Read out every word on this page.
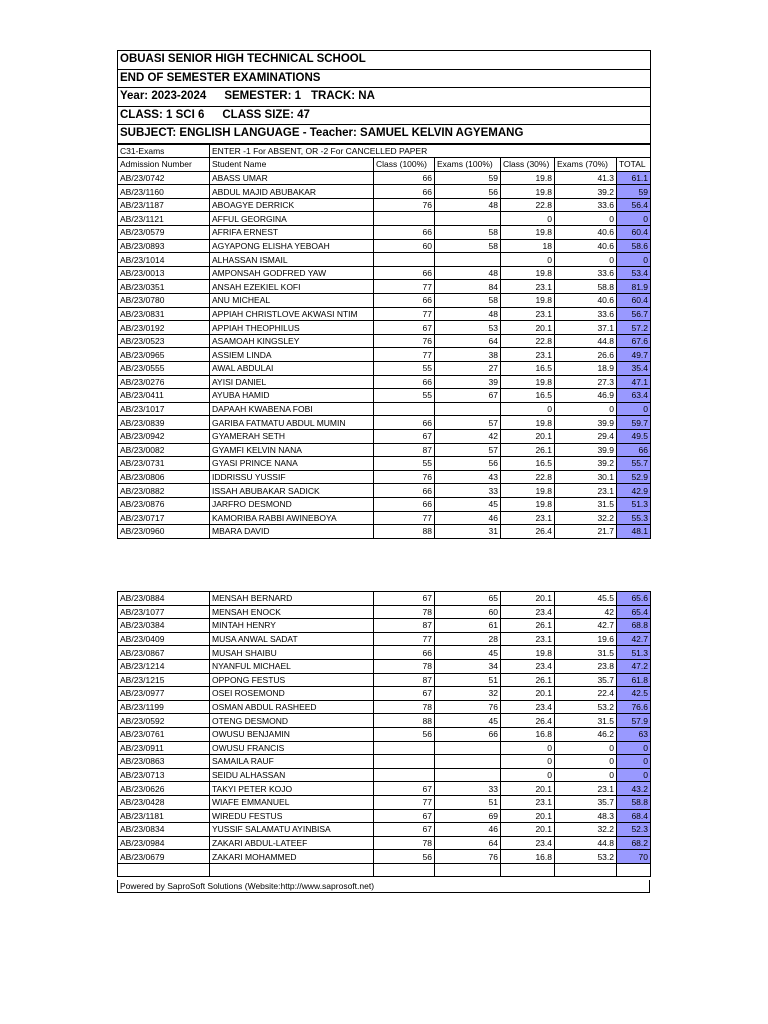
OBUASI SENIOR HIGH TECHNICAL SCHOOL
END OF SEMESTER EXAMINATIONS
Year: 2023-2024 SEMESTER: 1 TRACK: NA
CLASS: 1 SCI 6 CLASS SIZE: 47
SUBJECT: ENGLISH LANGUAGE - Teacher: SAMUEL KELVIN AGYEMANG
C31-Exams	ENTER -1 For ABSENT, OR -2 For CANCELLED PAPER					
Admission Number	Student Name	Class (100%)	Exams (100%)	Class (30%)	Exams (70%)	TOTAL
AB/23/0742	ABASS UMAR	66	59	19.8	41.3	61.1
AB/23/1160	ABDUL MAJID ABUBAKAR	66	56	19.8	39.2	59
AB/23/1187	ABOAGYE DERRICK	76	48	22.8	33.6	56.4
AB/23/1121	AFFUL GEORGINA			0	0	0
AB/23/0579	AFRIFA ERNEST	66	58	19.8	40.6	60.4
AB/23/0893	AGYAPONG ELISHA YEBOAH	60	58	18	40.6	58.6
AB/23/1014	ALHASSAN ISMAIL			0	0	0
AB/23/0013	AMPONSAH GODFRED YAW	66	48	19.8	33.6	53.4
AB/23/0351	ANSAH EZEKIEL KOFI	77	84	23.1	58.8	81.9
AB/23/0780	ANU MICHEAL	66	58	19.8	40.6	60.4
AB/23/0831	APPIAH CHRISTLOVE AKWASI NTIM	77	48	23.1	33.6	56.7
AB/23/0192	APPIAH THEOPHILUS	67	53	20.1	37.1	57.2
AB/23/0523	ASAMOAH KINGSLEY	76	64	22.8	44.8	67.6
AB/23/0965	ASSIEM LINDA	77	38	23.1	26.6	49.7
AB/23/0555	AWAL ABDULAI	55	27	16.5	18.9	35.4
AB/23/0276	AYISI DANIEL	66	39	19.8	27.3	47.1
AB/23/0411	AYUBA HAMID	55	67	16.5	46.9	63.4
AB/23/1017	DAPAAH KWABENA FOBI			0	0	0
AB/23/0839	GARIBA FATMATU ABDUL MUMIN	66	57	19.8	39.9	59.7
AB/23/0942	GYAMERAH SETH	67	42	20.1	29.4	49.5
AB/23/0082	GYAMFI KELVIN NANA	87	57	26.1	39.9	66
AB/23/0731	GYASI PRINCE NANA	55	56	16.5	39.2	55.7
AB/23/0806	IDDRISSU YUSSIF	76	43	22.8	30.1	52.9
AB/23/0882	ISSAH ABUBAKAR SADICK	66	33	19.8	23.1	42.9
AB/23/0876	JARFRO DESMOND	66	45	19.8	31.5	51.3
AB/23/0717	KAMORIBA RABBI AWINEBOYA	77	46	23.1	32.2	55.3
AB/23/0960	MBARA DAVID	88	31	26.4	21.7	48.1
AB/23/0884	MENSAH BERNARD	67	65	20.1	45.5	65.6
AB/23/1077	MENSAH ENOCK	78	60	23.4	42	65.4
AB/23/0384	MINTAH HENRY	87	61	26.1	42.7	68.8
AB/23/0409	MUSA ANWAL SADAT	77	28	23.1	19.6	42.7
AB/23/0867	MUSAH SHAIBU	66	45	19.8	31.5	51.3
AB/23/1214	NYANFUL MICHAEL	78	34	23.4	23.8	47.2
AB/23/1215	OPPONG FESTUS	87	51	26.1	35.7	61.8
AB/23/0977	OSEI ROSEMOND	67	32	20.1	22.4	42.5
AB/23/1199	OSMAN ABDUL RASHEED	78	76	23.4	53.2	76.6
AB/23/0592	OTENG DESMOND	88	45	26.4	31.5	57.9
AB/23/0761	OWUSU BENJAMIN	56	66	16.8	46.2	63
AB/23/0911	OWUSU FRANCIS			0	0	0
AB/23/0863	SAMAILA RAUF			0	0	0
AB/23/0713	SEIDU ALHASSAN			0	0	0
AB/23/0626	TAKYI PETER KOJO	67	33	20.1	23.1	43.2
AB/23/0428	WIAFE EMMANUEL	77	51	23.1	35.7	58.8
AB/23/1181	WIREDU FESTUS	67	69	20.1	48.3	68.4
AB/23/0834	YUSSIF SALAMATU AYINBISA	67	46	20.1	32.2	52.3
AB/23/0984	ZAKARI ABDUL-LATEEF	78	64	23.4	44.8	68.2
AB/23/0679	ZAKARI MOHAMMED	56	76	16.8	53.2	70

Powered by SaproSoft Solutions (Website:http://www.saprosoft.net)
